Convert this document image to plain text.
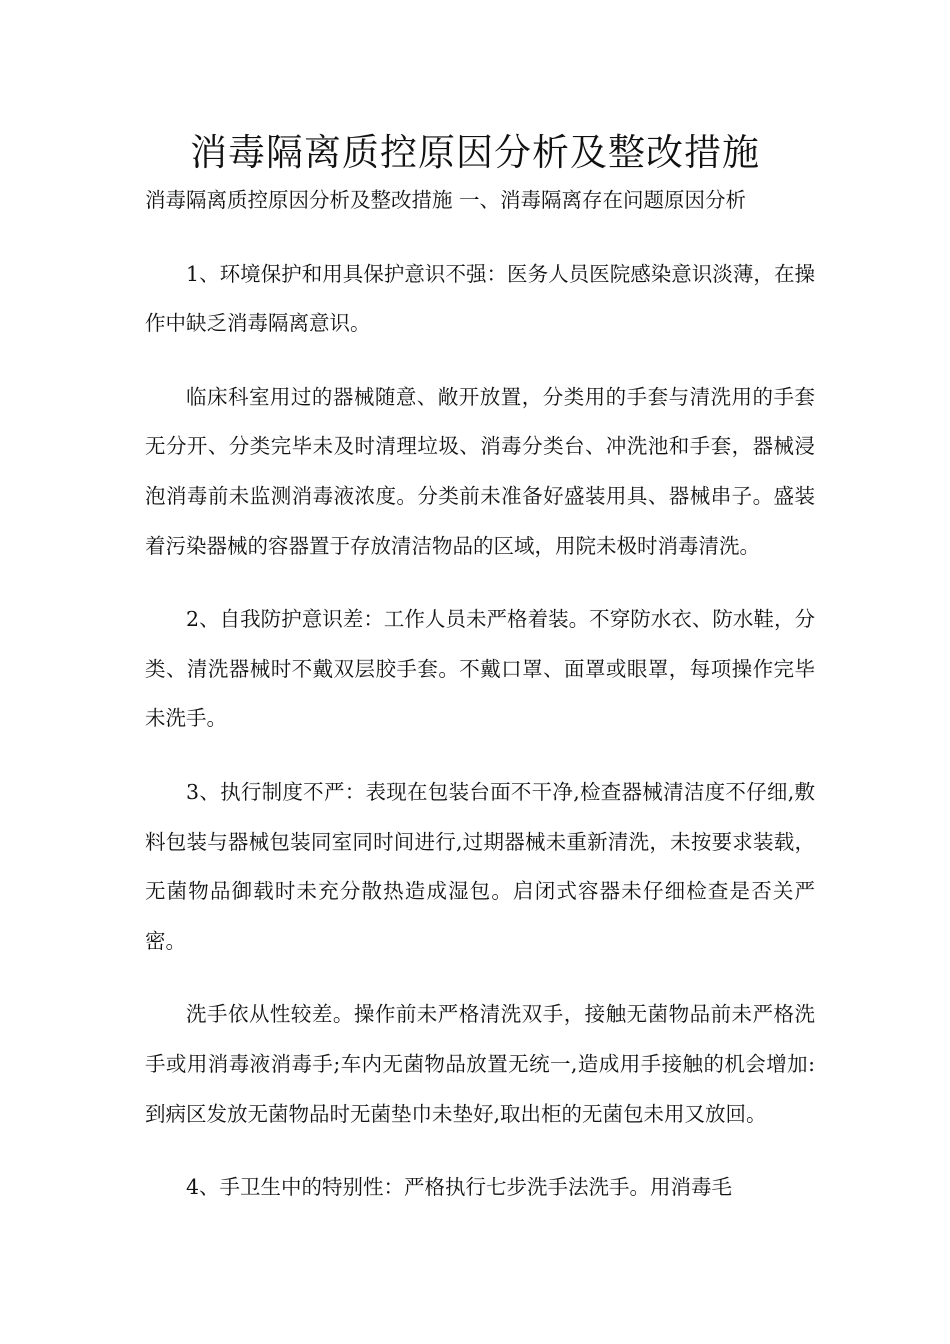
消毒隔离质控原因分析及整改措施

消毒隔离质控原因分析及整改措施 一、消毒隔离存在问题原因分析

1、环境保护和用具保护意识不强：医务人员医院感染意识淡薄，在操作中缺乏消毒隔离意识。

临床科室用过的器械随意、敞开放置，分类用的手套与清洗用的手套无分开、分类完毕未及时清理垃圾、消毒分类台、冲洗池和手套，器械浸泡消毒前未监测消毒液浓度。分类前未准备好盛装用具、器械串子。盛装着污染器械的容器置于存放清洁物品的区域，用院未极时消毒清洗。

2、自我防护意识差：工作人员未严格着装。不穿防水衣、防水鞋，分类、清洗器械时不戴双层胶手套。不戴口罩、面罩或眼罩，每项操作完毕未洗手。

3、执行制度不严：表现在包装台面不干净,检查器械清洁度不仔细,敷料包装与器械包装同室同时间进行,过期器械未重新清洗，未按要求装载，无菌物品御载时未充分散热造成湿包。启闭式容器未仔细检查是否关严密。

洗手依从性较差。操作前未严格清洗双手，接触无菌物品前未严格洗手或用消毒液消毒手;车内无菌物品放置无统一,造成用手接触的机会增加:到病区发放无菌物品时无菌垫巾未垫好,取出柜的无菌包未用又放回。

4、手卫生中的特别性：严格执行七步洗手法洗手。用消毒毛
